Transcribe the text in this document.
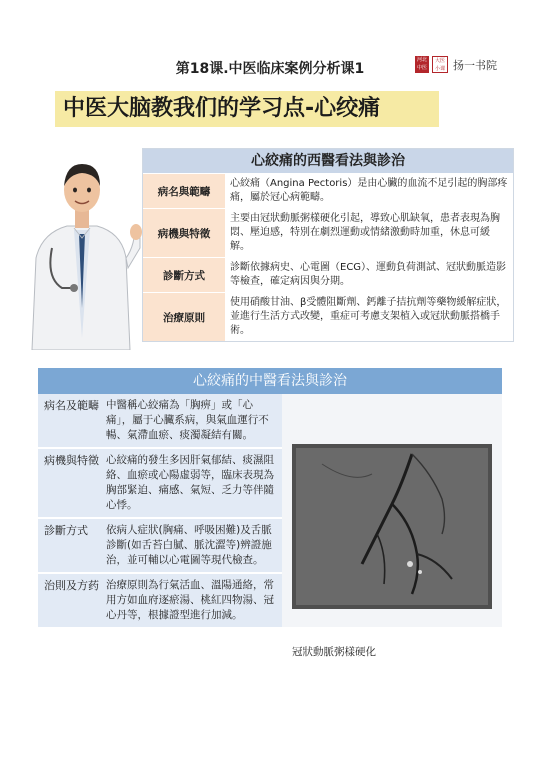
第18课.中医临床案例分析课1
河北
中医
大医
小课 扬一书院
中医大脑教我们的学习点-心绞痛
心絞痛的西醫看法與診治
病名與範疇
心絞痛（Angina Pectoris）是由心臟的血流不足引起的胸部疼痛，屬於冠心病範疇。
病機與特徵
主要由冠狀動脈粥樣硬化引起，導致心肌缺氧，患者表現為胸悶、壓迫感，特別在劇烈運動或情緒激動時加重，休息可緩解。
診斷方式
診斷依據病史、心電圖（ECG）、運動負荷測試、冠狀動脈造影等檢查，確定病因與分期。
治療原則
使用硝酸甘油、β受體阻斷劑、鈣離子拮抗劑等藥物緩解症狀，並進行生活方式改變，重症可考慮支架植入或冠狀動脈搭橋手術。
心絞痛的中醫看法與診治
病名及範疇 中醫稱心絞痛為「胸痹」或「心痛」，屬于心臟系病，與氣血運行不暢、氣滯血瘀、痰濁凝結有關。
病機與特徵 心絞痛的發生多因肝氣郁結、痰濕阻絡、血瘀或心陽虛弱等，臨床表現為胸部緊迫、痛感、氣短、乏力等伴隨心悸。
診斷方式	依病人症狀(胸痛、呼吸困難)及舌脈診斷(如舌苔白膩、脈沈澀等)辨證施治，並可輔以心電圖等現代檢查。
治則及方药 治療原則為行氣活血、溫陽通絡，常用方如血府逐瘀湯、桃紅四物湯、冠心丹等，根據證型進行加減。
冠狀動脈粥樣硬化
